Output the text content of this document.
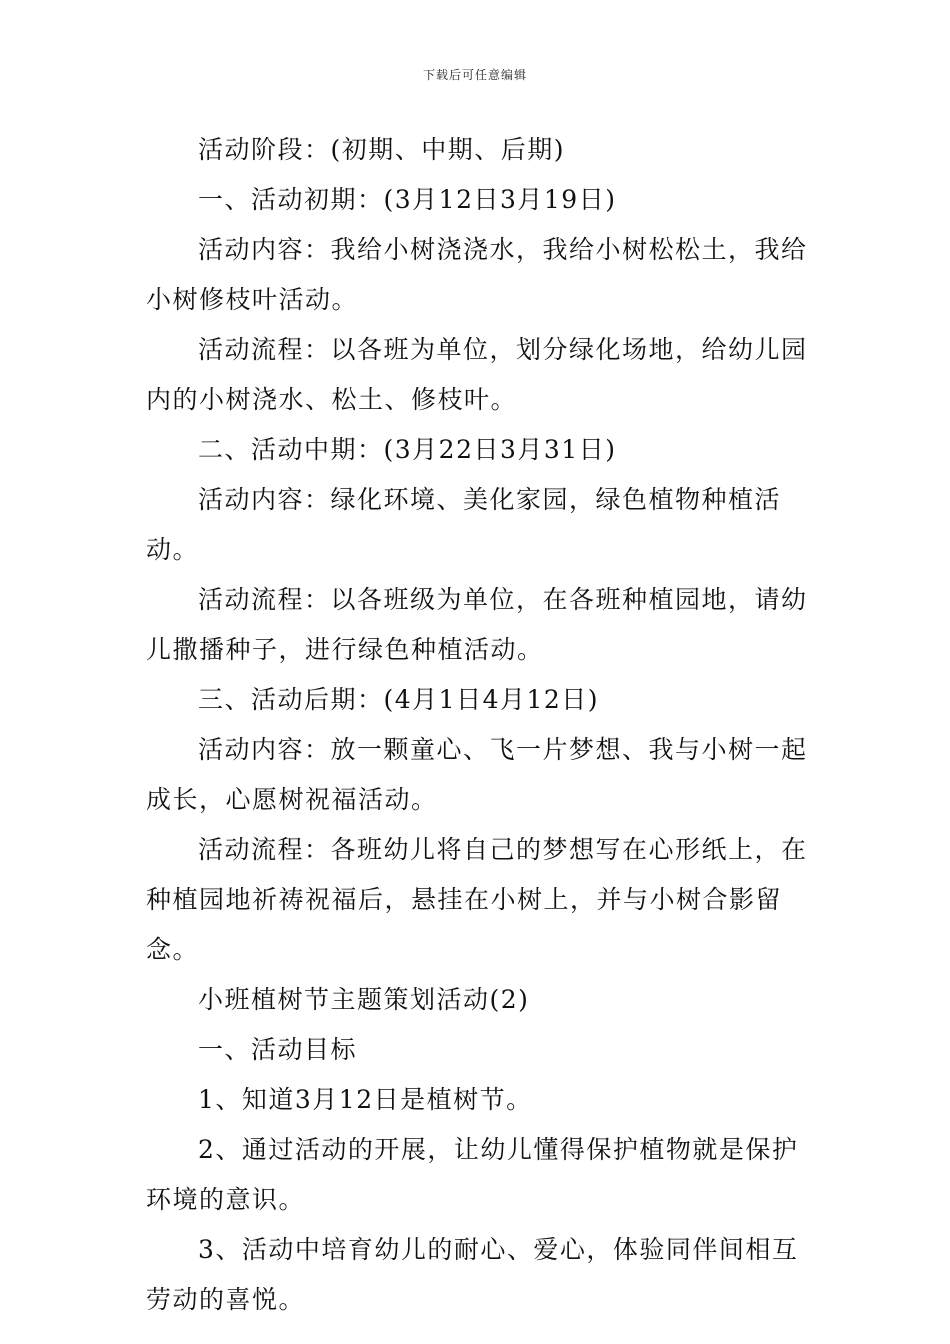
下载后可任意编辑

活动阶段：(初期、中期、后期)

一、活动初期：(3月12日3月19日)

活动内容：我给小树浇浇水，我给小树松松土，我给小树修枝叶活动。

活动流程：以各班为单位，划分绿化场地，给幼儿园内的小树浇水、松土、修枝叶。

二、活动中期：(3月22日3月31日)

活动内容：绿化环境、美化家园，绿色植物种植活动。

活动流程：以各班级为单位，在各班种植园地，请幼儿撒播种子，进行绿色种植活动。

三、活动后期：(4月1日4月12日)

活动内容：放一颗童心、飞一片梦想、我与小树一起成长，心愿树祝福活动。

活动流程：各班幼儿将自己的梦想写在心形纸上，在种植园地祈祷祝福后，悬挂在小树上，并与小树合影留念。

小班植树节主题策划活动(2)

一、活动目标

1、知道3月12日是植树节。

2、通过活动的开展，让幼儿懂得保护植物就是保护环境的意识。

3、活动中培育幼儿的耐心、爱心，体验同伴间相互劳动的喜悦。
